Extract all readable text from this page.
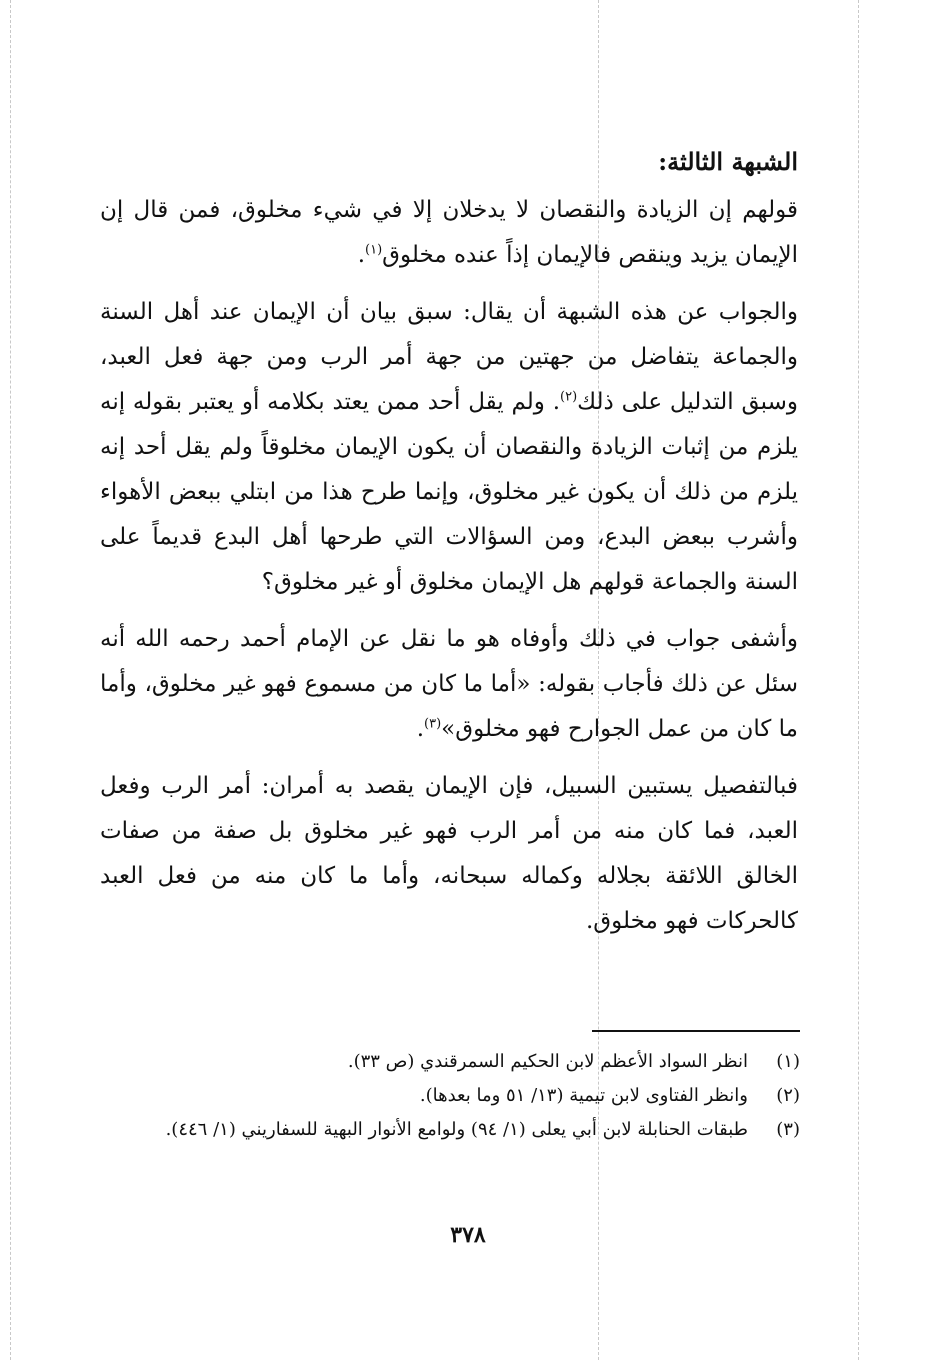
الشبهة الثالثة:

قولهم إن الزيادة والنقصان لا يدخلان إلا في شيء مخلوق، فمن قال إن الإيمان يزيد وينقص فالإيمان إذاً عنده مخلوق$^{(١)}$.

والجواب عن هذه الشبهة أن يقال: سبق بيان أن الإيمان عند أهل السنة والجماعة يتفاضل من جهتين من جهة أمر الرب ومن جهة فعل العبد، وسبق التدليل على ذلك$^{(٢)}$. ولم يقل أحد ممن يعتد بكلامه أو يعتبر بقوله إنه يلزم من إثبات الزيادة والنقصان أن يكون الإيمان مخلوقاً ولم يقل أحد إنه يلزم من ذلك أن يكون غير مخلوق، وإنما طرح هذا من ابتلي ببعض الأهواء وأشرب ببعض البدع، ومن السؤالات التي طرحها أهل البدع قديماً على السنة والجماعة قولهم هل الإيمان مخلوق أو غير مخلوق؟

وأشفى جواب في ذلك وأوفاه هو ما نقل عن الإمام أحمد رحمه الله أنه سئل عن ذلك فأجاب بقوله: «أما ما كان من مسموع فهو غير مخلوق، وأما ما كان من عمل الجوارح فهو مخلوق»$^{(٣)}$.

فبالتفصيل يستبين السبيل، فإن الإيمان يقصد به أمران: أمر الرب وفعل العبد، فما كان منه من أمر الرب فهو غير مخلوق بل صفة من صفات الخالق اللائقة بجلاله وكماله سبحانه، وأما ما كان منه من فعل العبد كالحركات فهو مخلوق.

(١)
انظر السواد الأعظم لابن الحكيم السمرقندي (ص ٣٣).
(٢)
وانظر الفتاوى لابن تيمية (١٣/ ٥١ وما بعدها).
(٣)
طبقات الحنابلة لابن أبي يعلى (١/ ٩٤) ولوامع الأنوار البهية للسفاريني (١/ ٤٤٦).
٣٧٨
